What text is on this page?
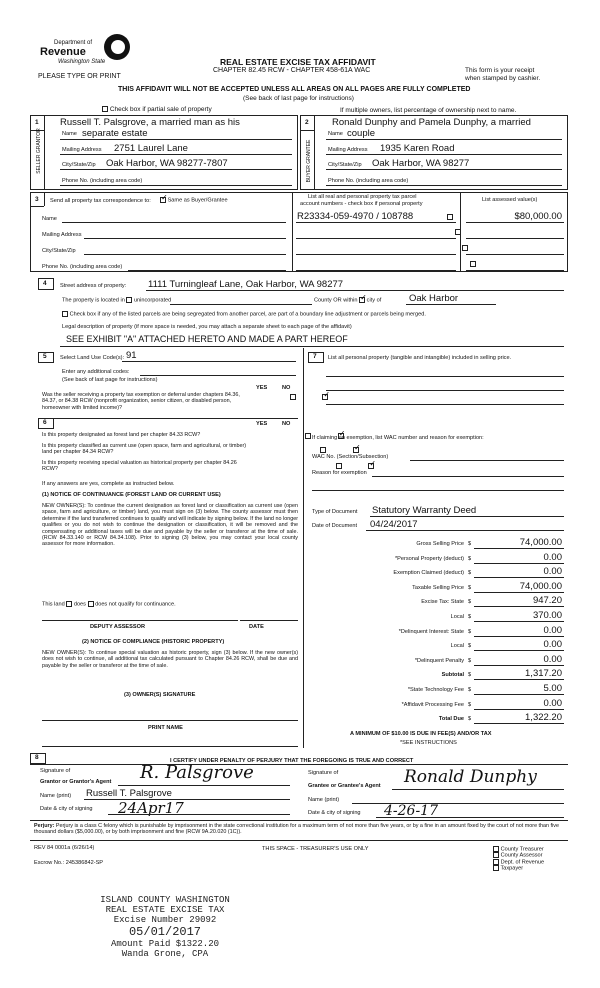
Department of
Revenue
Washington State
PLEASE TYPE OR PRINT
REAL ESTATE EXCISE TAX AFFIDAVIT
CHAPTER 82.45 RCW - CHAPTER 458-61A WAC	This form is your receipt
when stamped by cashier.
THIS AFFIDAVIT WILL NOT BE ACCEPTED UNLESS ALL AREAS ON ALL PAGES ARE FULLY COMPLETED
(See back of last page for instructions)
Check box if partial sale of property	If multiple owners, list percentage of ownership next to name.
1
SELLER GRANTOR
Russell T. Palsgrove, a married man as his
Name separate estate
Mailing Address 2751 Laurel Lane
City/State/Zip Oak Harbor, WA 98277-7807
Phone No. (including area code)
2
BUYER GRANTEE
Ronald Dunphy and Pamela Dunphy, a married
Name couple
Mailing Address 1935 Karen Road
City/State/Zip Oak Harbor, WA 98277
Phone No. (including area code)
3 Send all property tax correspondence to: ✓	Same as Buyer/Grantee
List all real and personal property tax parcel
account numbers - check box if personal property
List assessed value(s)
Name
Mailing Address
City/State/Zip
Phone No. (including area code)
R23334-059-4970 / 108788
	$80,000.00

4 Street address of property: 1111 Turningleaf Lane, Oak Harbor, WA 98277
The property is located in unincorporated	County OR within ✓ city of	Oak Harbor
Check box if any of the listed parcels are being segregated from another parcel, are part of a boundary line adjustment or parcels being merged.
Legal description of property (if more space is needed, you may attach a separate sheet to each page of the affidavit)
SEE EXHIBIT "A" ATTACHED HERETO AND MADE A PART HEREOF
5 Select Land Use Code(s): 91
Enter any additional codes:
(See back of last page for instructions)
YES	NO
Was the seller receiving a property tax exemption or deferral under chapters 84.36, 84.37, or 84.38 RCW (nonprofit organization, senior citizen, or disabled person, homeowner with limited income)?
✓
6	YES	NO
Is this property designated as forest land per chapter 84.33 RCW?
✓
Is this property classified as current use (open space, farm and agricultural, or timber) land per chapter 84.34 RCW?
✓
Is this property receiving special valuation as historical property per chapter 84.26 RCW?
✓
If any answers are yes, complete as instructed below.
(1) NOTICE OF CONTINUANCE (FOREST LAND OR CURRENT USE)
NEW OWNER(S): To continue the current designation as forest land or classification as current use (open space, farm and agriculture, or timber) land, you must sign on (3) below. The county assessor must then determine if the land transferred continues to qualify and will indicate by signing below. If the land no longer qualifies or you do not wish to continue the designation or classification, it will be removed and the compensating or additional taxes will be due and payable by the seller or transferor at the time of sale. (RCW 84.33.140 or RCW 84.34.108). Prior to signing (3) below, you may contact your local county assessor for more information.
This land does does not qualify for continuance.
DEPUTY ASSESSOR	DATE
(2) NOTICE OF COMPLIANCE (HISTORIC PROPERTY)
NEW OWNER(S): To continue special valuation as historic property, sign (3) below. If the new owner(s) does not wish to continue, all additional tax calculated pursuant to Chapter 84.26 RCW, shall be due and payable by the seller or transferor at the time of sale.
(3) OWNER(S) SIGNATURE
PRINT NAME
7 List all personal property (tangible and intangible) included in selling price.
If claiming an exemption, list WAC number and reason for exemption:
WAC No. (Section/Subsection)
Reason for exemption
Type of Document Statutory Warranty Deed
Date of Document 04/24/2017
Gross Selling Price $	74,000.00
*Personal Property (deduct) $	0.00
Exemption Claimed (deduct) $	0.00
Taxable Selling Price $	74,000.00
Excise Tax: State $	947.20
Local $	370.00
*Delinquent Interest: State $	0.00
Local $	0.00
*Delinquent Penalty $	0.00
Subtotal $	1,317.20
*State Technology Fee $	5.00
*Affidavit Processing Fee $	0.00
Total Due $	1,322.20
A MINIMUM OF $10.00 IS DUE IN FEE(S) AND/OR TAX
*SEE INSTRUCTIONS
8	I CERTIFY UNDER PENALTY OF PERJURY THAT THE FOREGOING IS TRUE AND CORRECT
Signature of
Grantor or Grantor's Agent R. Palsgrove
Name (print) Russell T. Palsgrove
Date & city of signing 24Apr17
Signature of
Grantee or Grantee's Agent Ronald Dunphy
Name (print)
Date & city of signing 4-26-17
Perjury: Perjury is a class C felony which is punishable by imprisonment in the state correctional institution for a maximum term of not more than five years, or by a fine in an amount fixed by the court of not more than five thousand dollars ($5,000.00), or by both imprisonment and fine (RCW 9A.20.020 (1C)).
REV 84 0001a (6/26/14)	THIS SPACE - TREASURER'S USE ONLY
Escrow No.: 245386842-SP
County Treasurer
County Assessor
Dept. of Revenue
Taxpayer
ISLAND COUNTY WASHINGTON
REAL ESTATE EXCISE TAX
Excise Number 29092
05/01/2017
Amount Paid $1322.20
Wanda Grone, CPA
